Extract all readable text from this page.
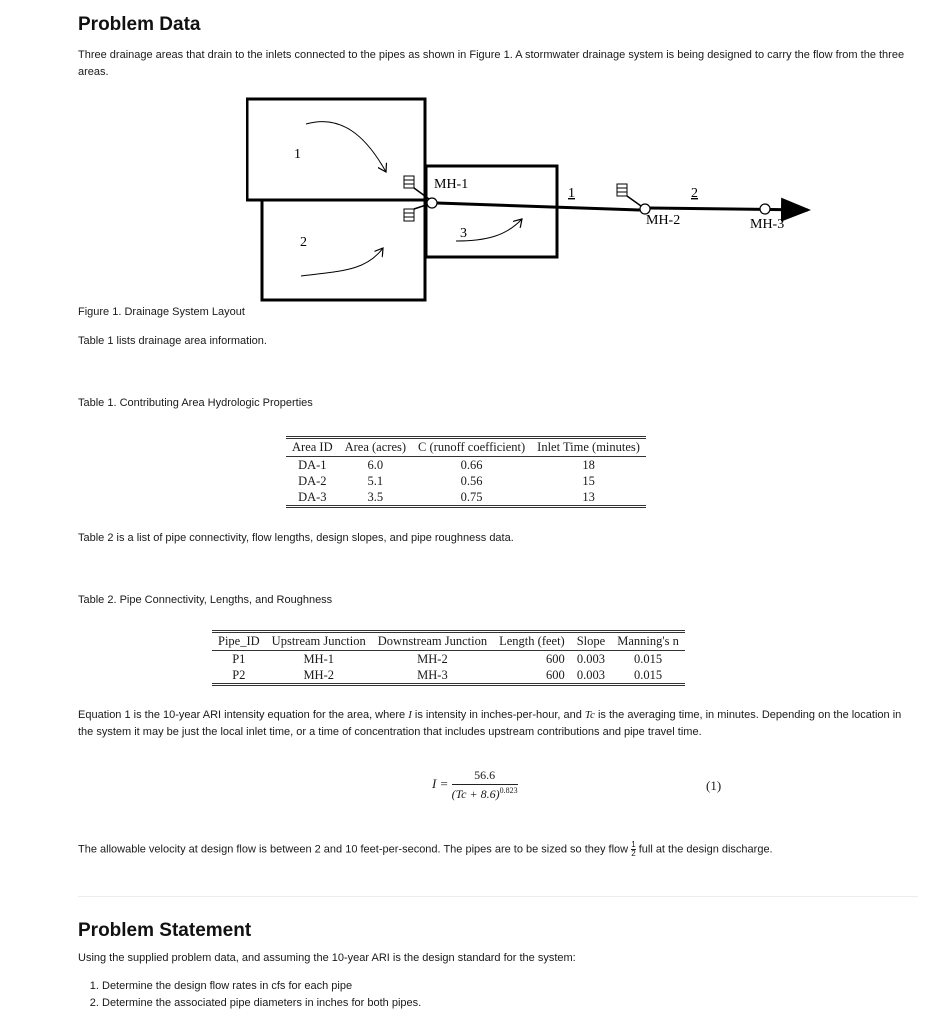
Problem Data

Three drainage areas that drain to the inlets connected to the pipes as shown in Figure 1. A stormwater drainage system is being designed to carry the flow from the three areas.

1
2
3
MH-1
MH-2	MH-3
1	2

Figure 1. Drainage System Layout

Table 1 lists drainage area information.

Table 1. Contributing Area Hydrologic Properties

Area ID	Area (acres)	C (runoff coefficient)	Inlet Time (minutes)
DA-1	6.0	0.66	18
DA-2	5.1	0.56	15
DA-3	3.5	0.75	13

Table 2 is a list of pipe connectivity, flow lengths, design slopes, and pipe roughness data.

Table 2. Pipe Connectivity, Lengths, and Roughness

Pipe_ID	Upstream Junction	Downstream Junction	Length (feet)	Slope	Manning's n
P1	MH-1	MH-2	600	0.003	0.015
P2	MH-2	MH-3	600	0.003	0.015

Equation 1 is the 10-year ARI intensity equation for the area, where I is intensity in inches-per-hour, and Tc is the averaging time, in minutes. Depending on the location in the system it may be just the local inlet time, or a time of concentration that includes upstream contributions and pipe travel time.

$I = \frac{56.6}{(Tc + 8.6)^{0.823}}$	(1)

The allowable velocity at design flow is between 2 and 10 feet-per-second. The pipes are to be sized so they flow $\frac{1}{2}$ full at the design discharge.

Problem Statement

Using the supplied problem data, and assuming the 10-year ARI is the design standard for the system:

1. Determine the design flow rates in cfs for each pipe
2. Determine the associated pipe diameters in inches for both pipes.
